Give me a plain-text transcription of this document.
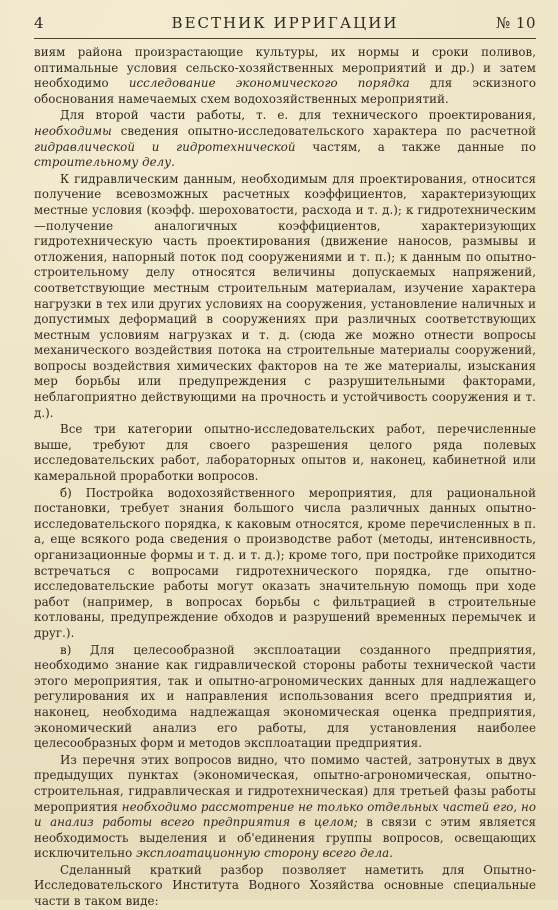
4	ВЕСТНИК ИРРИГАЦИИ	№ 10

виям района произрастающие культуры, их нормы и сроки поливов, оптимальные условия сельско-хозяйственных мероприятий и др.) и затем необходимо исследование экономического порядка для эскизного обоснования намечаемых схем водохозяйственных мероприятий.

Для второй части работы, т. е. для технического проектирования, необходимы сведения опытно-исследовательского характера по расчетной гидравлической и гидротехнической частям, а также данные по строительному делу.

К гидравлическим данным, необходимым для проектирования, относится получение всевозможных расчетных коэффициентов, характеризующих местные условия (коэфф. шероховатости, расхода и т. д.); к гидротехническим—получение аналогичных коэффициентов, характеризующих гидротехническую часть проектирования (движение наносов, размывы и отложения, напорный поток под сооружениями и т. п.); к данным по опытно-строительному делу относятся величины допускаемых напряжений, соответствующие местным строительным материалам, изучение характера нагрузки в тех или других условиях на сооружения, установление наличных и допустимых деформаций в сооружениях при различных соответствующих местным условиям нагрузках и т. д. (сюда же можно отнести вопросы механического воздействия потока на строительные материалы сооружений, вопросы воздействия химических факторов на те же материалы, изыскания мер борьбы или предупреждения с разрушительными факторами, неблагоприятно действующими на прочность и устойчивость сооружения и т. д.).

Все три категории опытно-исследовательских работ, перечисленные выше, требуют для своего разрешения целого ряда полевых исследовательских работ, лабораторных опытов и, наконец, кабинетной или камеральной проработки вопросов.

б) Постройка водохозяйственного мероприятия, для рациональной постановки, требует знания большого числа различных данных опытно-исследовательского порядка, к каковым относятся, кроме перечисленных в п. а, еще всякого рода сведения о производстве работ (методы, интенсивность, организационные формы и т. д. и т. д.); кроме того, при постройке приходится встречаться с вопросами гидротехнического порядка, где опытно-исследовательские работы могут оказать значительную помощь при ходе работ (например, в вопросах борьбы с фильтрацией в строительные котлованы, предупреждение обходов и разрушений временных перемычек и друг.).

в) Для целесообразной эксплоатации созданного предприятия, необходимо знание как гидравлической стороны работы технической части этого мероприятия, так и опытно-агрономических данных для надлежащего регулирования их и направления использования всего предприятия и, наконец, необходима надлежащая экономическая оценка предприятия, экономический анализ его работы, для установления наиболее целесообразных форм и методов эксплоатации предприятия.

Из перечня этих вопросов видно, что помимо частей, затронутых в двух предыдущих пунктах (экономическая, опытно-агрономическая, опытно-строительная, гидравлическая и гидротехническая) для третьей фазы работы мероприятия необходимо рассмотрение не только отдельных частей его, но и анализ работы всего предприятия в целом; в связи с этим является необходимость выделения и об'единения группы вопросов, освещающих исключительно эксплоатационную сторону всего дела.

Сделанный краткий разбор позволяет наметить для Опытно-Исследовательского Института Водного Хозяйства основные специальные части в таком виде:
